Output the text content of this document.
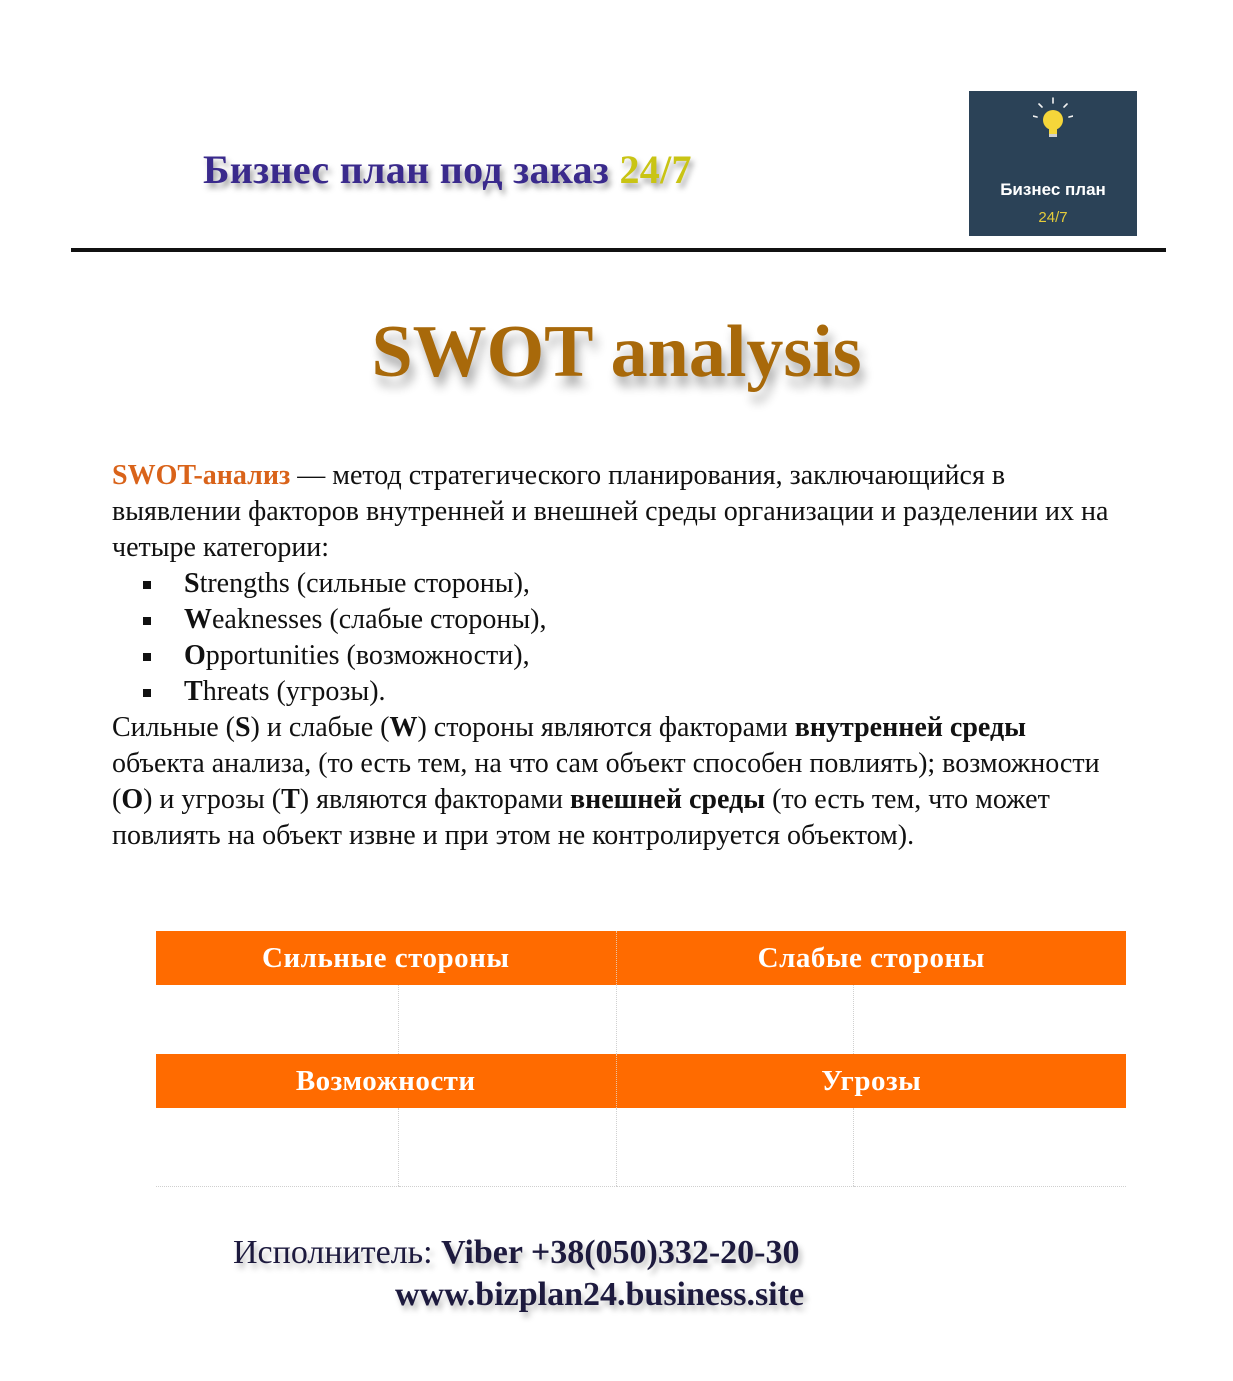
Бизнес план под заказ 24/7	Бизнес план
24/7
SWOT analysis

SWOT-анализ — метод стратегического планирования, заключающийся в выявлении факторов внутренней и внешней среды организации и разделении их на четыре категории:

Strengths (сильные стороны),
Weaknesses (слабые стороны),
Opportunities (возможности),
Threats (угрозы).

Сильные (S) и слабые (W) стороны являются факторами внутренней среды объекта анализа, (то есть тем, на что сам объект способен повлиять); возможности (O) и угрозы (T) являются факторами внешней среды (то есть тем, что может повлиять на объект извне и при этом не контролируется объектом).

Сильные стороны		Слабые стороны	

Возможности		Угрозы	

Исполнитель: Viber +38(050)332-20-30
www.bizplan24.business.site
